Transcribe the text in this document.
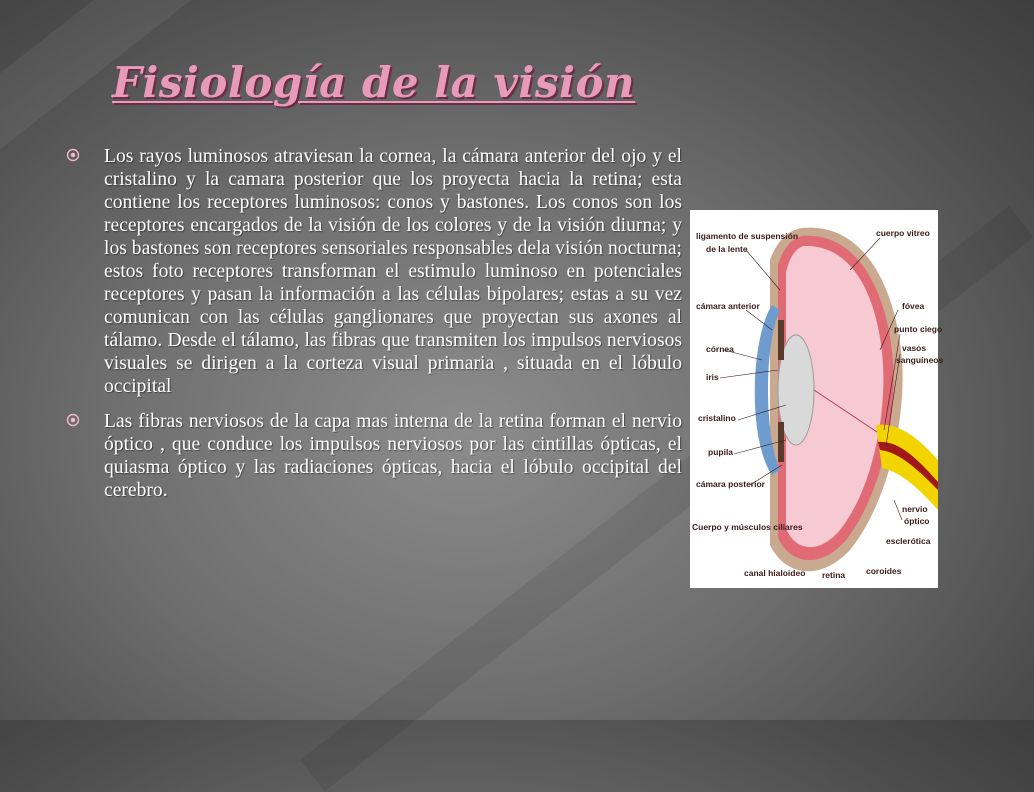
Fisiología de la visión

Los rayos luminosos atraviesan la cornea, la cámara anterior del ojo y el cristalino y la camara posterior que los proyecta hacia la retina; esta contiene los receptores luminosos: conos y bastones. Los conos son los receptores encargados de la visión de los colores y de la visión diurna; y los bastones son receptores sensoriales responsables dela visión nocturna; estos foto receptores transforman el estimulo luminoso en potenciales receptores y pasan la información a las células bipolares; estas a su vez comunican con las células ganglionares que proyectan sus axones al tálamo. Desde el tálamo, las fibras que transmiten los impulsos nerviosos visuales se dirigen a la corteza visual primaria , situada en el lóbulo occipital

Las fibras nerviosos de la capa mas interna de la retina forman el nervio óptico , que conduce los impulsos nerviosos por las cintillas ópticas, el quiasma óptico y las radiaciones ópticas, hacia el lóbulo occipital del cerebro.

ligamento de suspensión
de la lente
cámara anterior
córnea
iris
cristalino
pupila
cámara posterior
Cuerpo y músculos ciliares
canal hialoideo retina coroides
cuerpo vitreo
fóvea
punto ciego
vasos
sanguíneos
nervio
óptico
esclerótica
